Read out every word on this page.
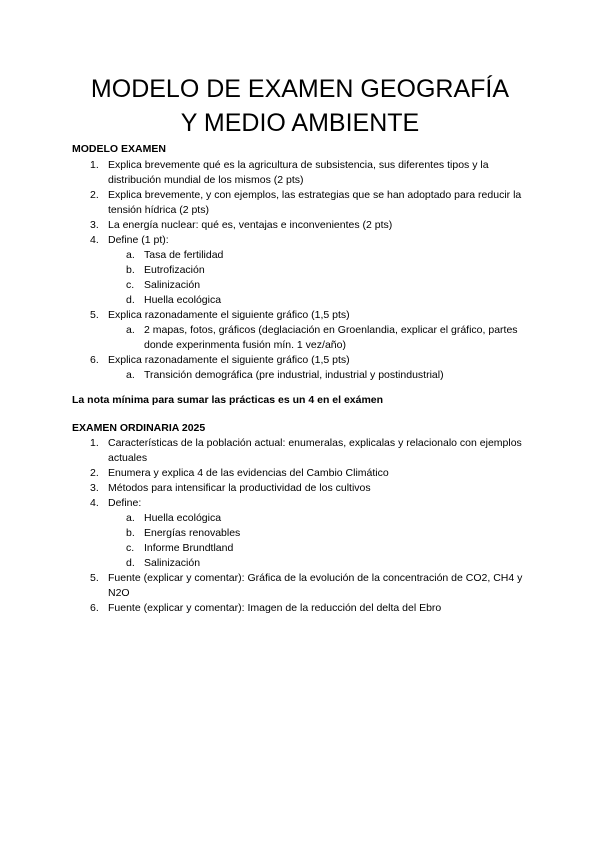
MODELO DE EXAMEN GEOGRAFÍA
Y MEDIO AMBIENTE
MODELO EXAMEN
1. Explica brevemente qué es la agricultura de subsistencia, sus diferentes tipos y la distribución mundial de los mismos (2 pts)
2. Explica brevemente, y con ejemplos, las estrategias que se han adoptado para reducir la tensión hídrica (2 pts)
3. La energía nuclear: qué es, ventajas e inconvenientes (2 pts)
4. Define (1 pt):
a. Tasa de fertilidad
b. Eutrofización
c. Salinización
d. Huella ecológica
5. Explica razonadamente el siguiente gráfico (1,5 pts)
a. 2 mapas, fotos, gráficos (deglaciación en Groenlandia, explicar el gráfico, partes donde experinmenta fusión mín. 1 vez/año)
6. Explica razonadamente el siguiente gráfico (1,5 pts)
a. Transición demográfica (pre industrial, industrial y postindustrial)

La nota mínima para sumar las prácticas es un 4 en el exámen

EXAMEN ORDINARIA 2025
1. Características de la población actual: enumeralas, explicalas y relacionalo con ejemplos actuales
2. Enumera y explica 4 de las evidencias del Cambio Climático
3. Métodos para intensificar la productividad de los cultivos
4. Define:
a. Huella ecológica
b. Energías renovables
c. Informe Brundtland
d. Salinización
5. Fuente (explicar y comentar): Gráfica de la evolución de la concentración de CO2, CH4 y N2O
6. Fuente (explicar y comentar): Imagen de la reducción del delta del Ebro
